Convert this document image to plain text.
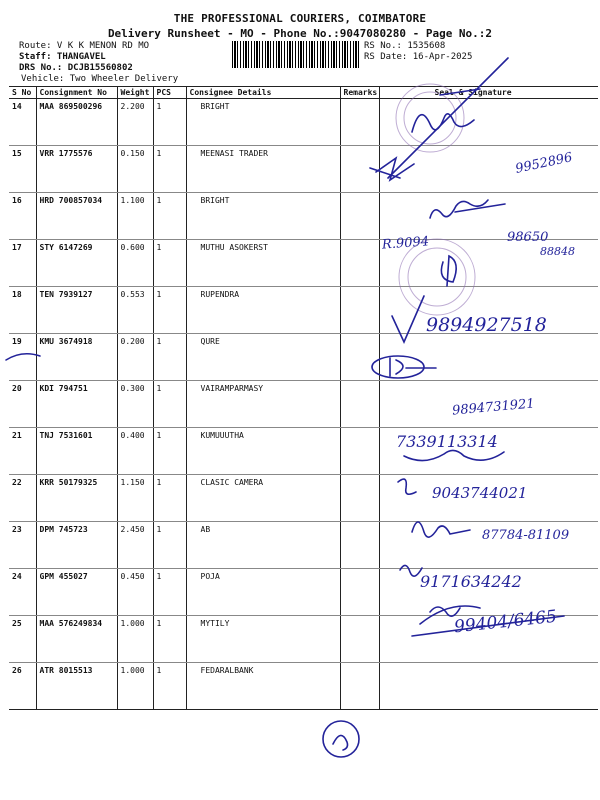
THE PROFESSIONAL COURIERS, COIMBATORE
Delivery Runsheet - MO - Phone No.:9047080280 - Page No.:2
Route: V K K MENON RD MO
Staff: THANGAVEL
DRS No.: DCJB15560802
Vehicle: Two Wheeler Delivery
RS No.: 1535608
RS Date: 16-Apr-2025
S No	Consignment No	Weight	PCS	Consignee Details	Remarks	Seal & Signature
14	MAA 869500296	2.200	1	BRIGHT		
15	VRR 1775576	0.150	1	MEENASI TRADER		
16	HRD 700857034	1.100	1	BRIGHT		
17	STY 6147269	0.600	1	MUTHU ASOKERST		
18	TEN 7939127	0.553	1	RUPENDRA		
19	KMU 3674918	0.200	1	QURE		
20	KDI 794751	0.300	1	VAIRAMPARMASY		
21	TNJ 7531601	0.400	1	KUMUUUTHA		
22	KRR 50179325	1.150	1	CLASIC CAMERA		
23	DPM 745723	2.450	1	AB		
24	GPM 455027	0.450	1	POJA		
25	MAA 576249834	1.000	1	MYTILY		
26	ATR 8015513	1.000	1	FEDARALBANK		
9952896
R.9094	98650
88848
9894927518
9894731921
7339113314
9043744021
87784-81109
9171634242
99404/6465
